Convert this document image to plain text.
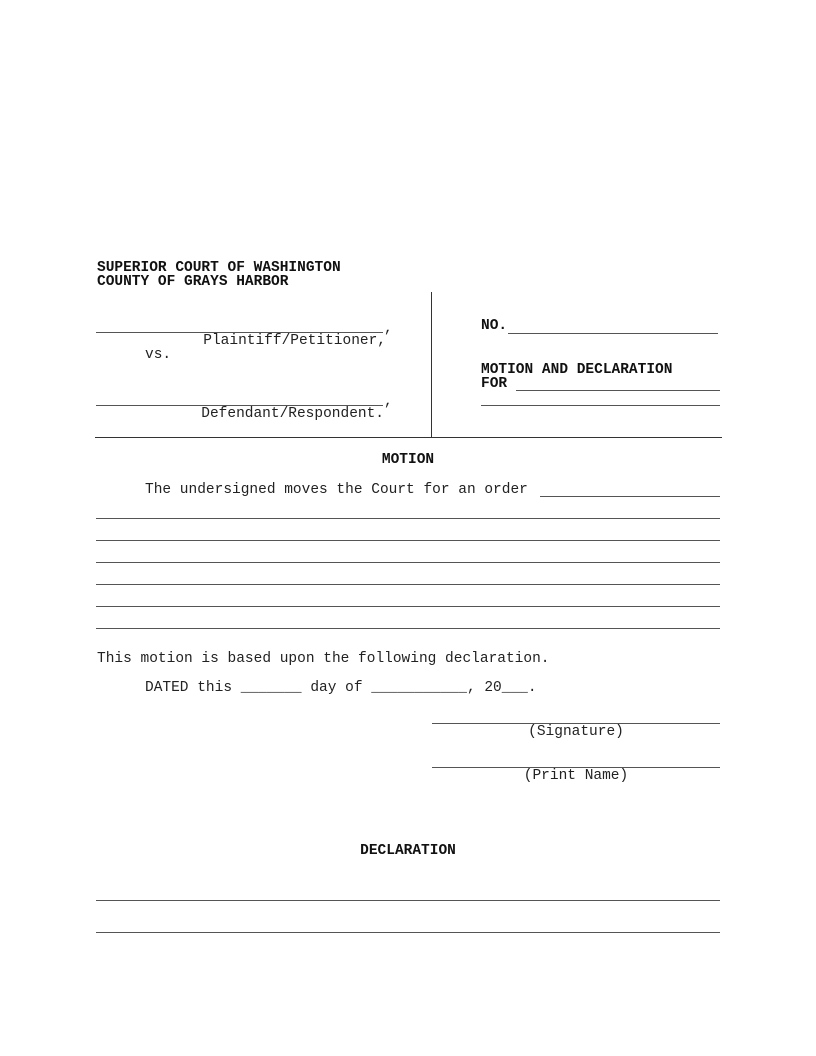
SUPERIOR COURT OF WASHINGTON
COUNTY OF GRAYS HARBOR
,
Plaintiff/Petitioner,
vs.
,
Defendant/Respondent.
NO.
MOTION AND DECLARATION
FOR
MOTION
The undersigned moves the Court for an order
This motion is based upon the following declaration.
DATED this _______ day of ___________, 20___.
(Signature)
(Print Name)
DECLARATION
